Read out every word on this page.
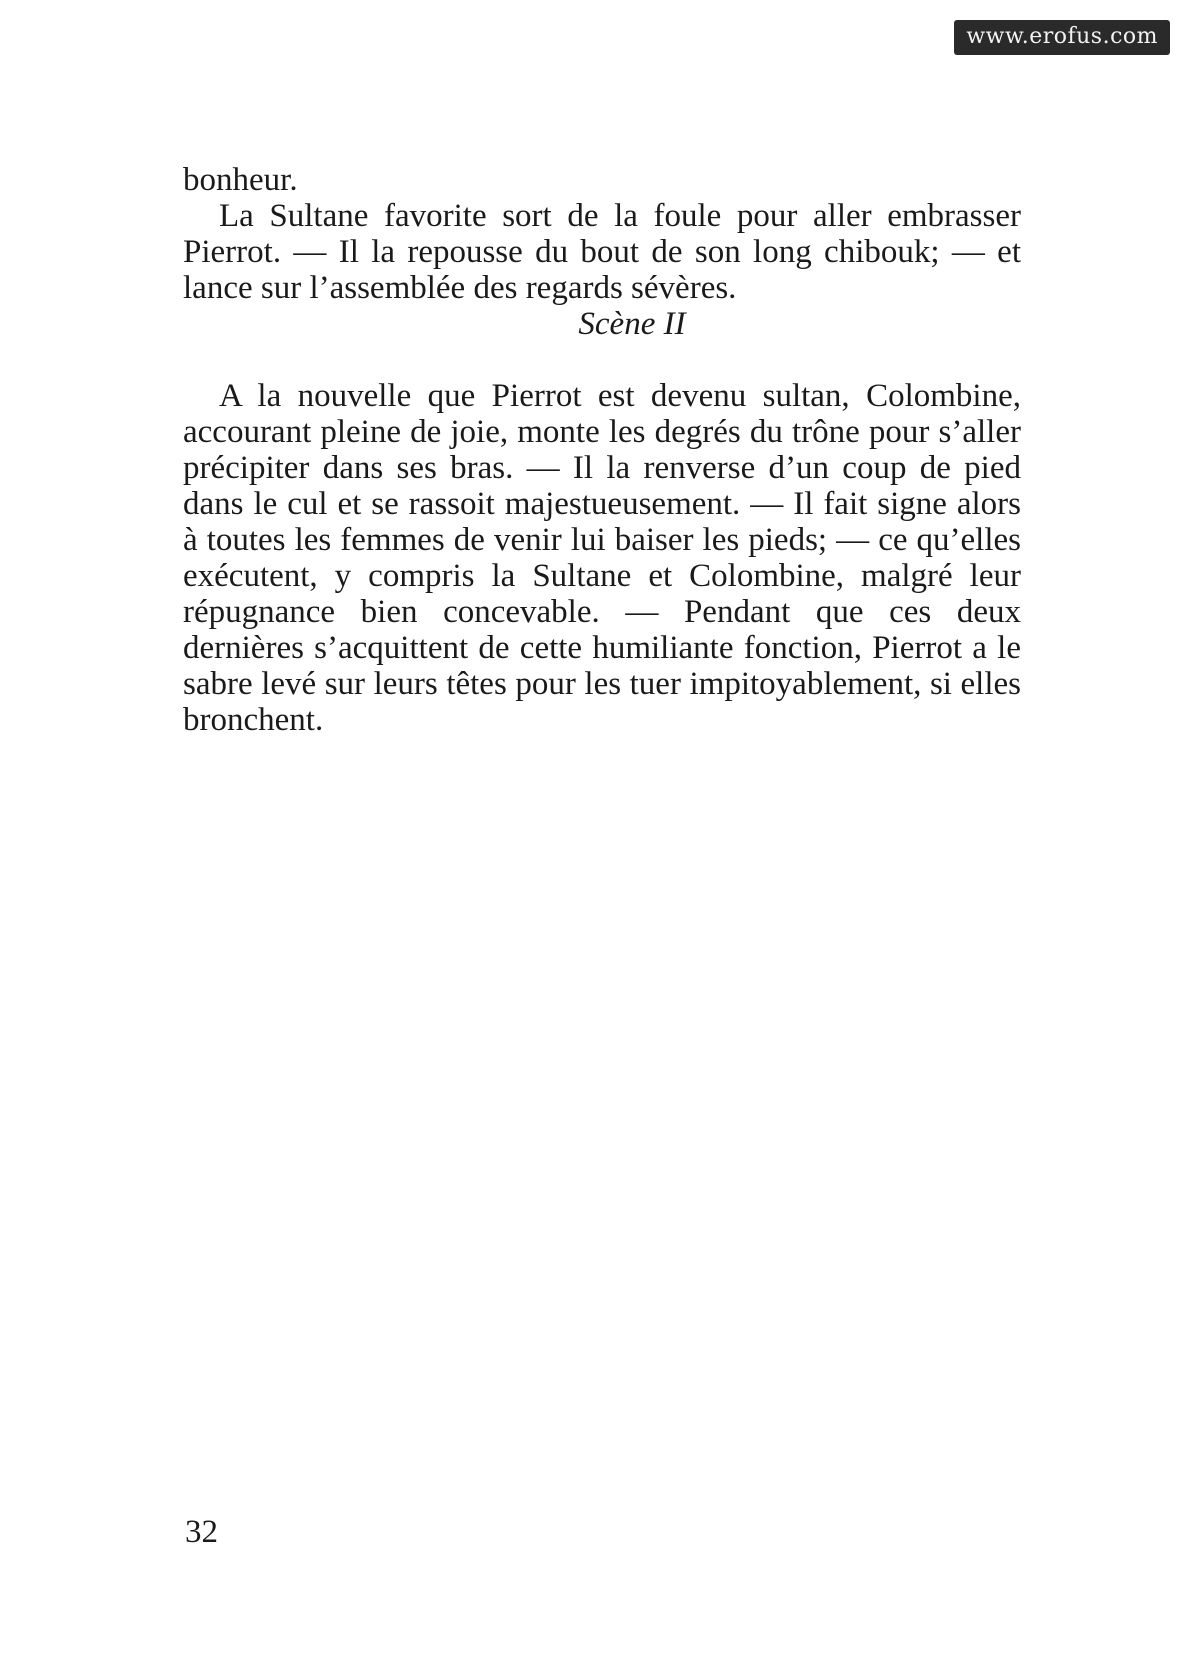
www.erofus.com

bonheur.

La Sultane favorite sort de la foule pour aller embrasser Pierrot. — Il la repousse du bout de son long chibouk; — et lance sur l’assemblée des regards sévères.

Scène II

A la nouvelle que Pierrot est devenu sultan, Colombine, accourant pleine de joie, monte les degrés du trône pour s’aller précipiter dans ses bras. — Il la renverse d’un coup de pied dans le cul et se rassoit majestueusement. — Il fait signe alors à toutes les femmes de venir lui baiser les pieds; — ce qu’elles exécutent, y compris la Sultane et Colombine, malgré leur répugnance bien concevable. — Pendant que ces deux dernières s’acquittent de cette humiliante fonction, Pierrot a le sabre levé sur leurs têtes pour les tuer impitoyablement, si elles bronchent.

32
